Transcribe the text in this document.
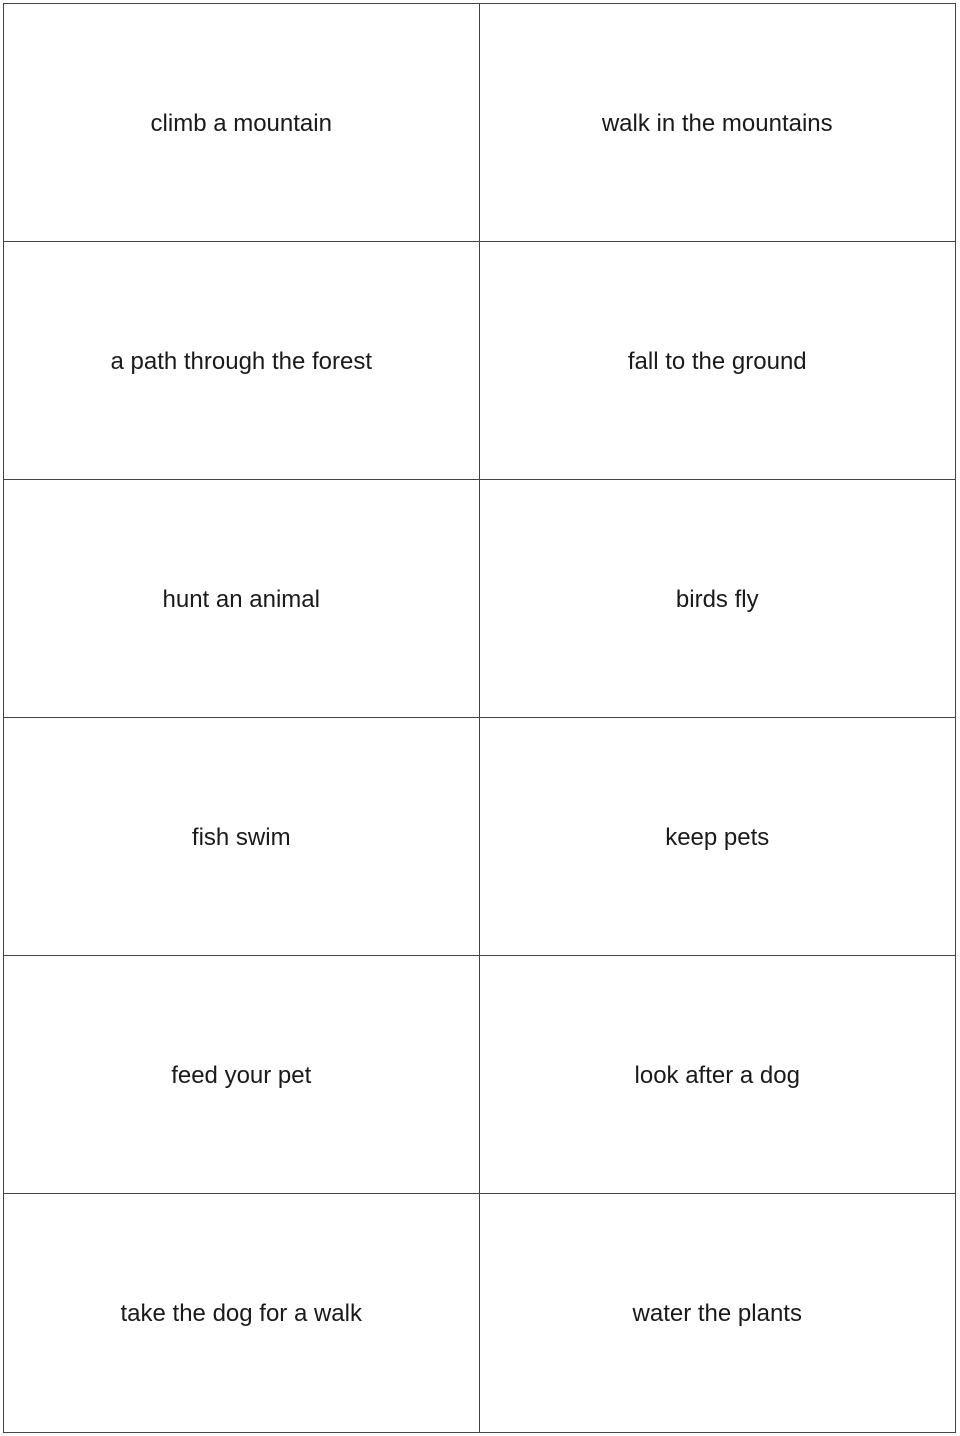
climb a mountain	walk in the mountains
a path through the forest	fall to the ground
hunt an animal	birds fly
fish swim	keep pets
feed your pet	look after a dog
take the dog for a walk	water the plants
